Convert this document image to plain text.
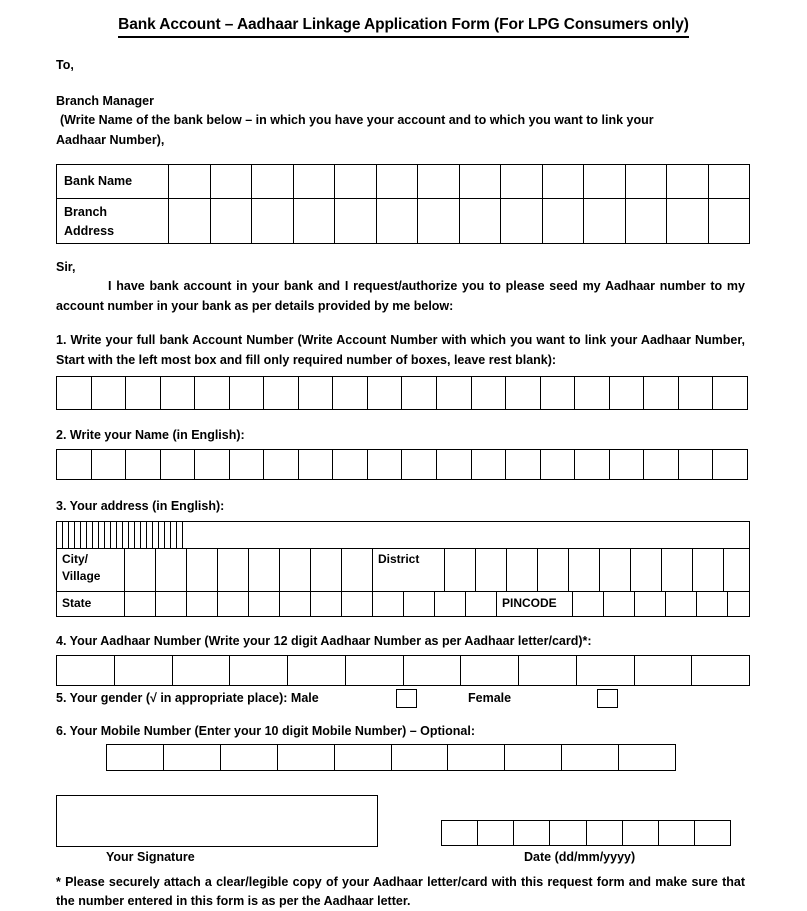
Bank Account – Aadhaar Linkage Application Form (For LPG Consumers only)
To,
Branch Manager
(Write Name of the bank below – in which you have your account and to which you want to link your
Aadhaar Number),
Bank Name
Branch
Address
Sir,
I have bank account in your bank and I request/authorize you to please seed my Aadhaar number to my account number in your bank as per details provided by me below:
1. Write your full bank Account Number (Write Account Number with which you want to link your Aadhaar Number, Start with the left most box and fill only required number of boxes, leave rest blank):
2. Write your Name (in English):
3. Your address (in English):
City/
Village
District
State	PINCODE
4. Your Aadhaar Number (Write your 12 digit Aadhaar Number as per Aadhaar letter/card)*:
5. Your gender (√ in appropriate place): Male	Female
6. Your Mobile Number (Enter your 10 digit Mobile Number) – Optional:
Your Signature	Date (dd/mm/yyyy)
* Please securely attach a clear/legible copy of your Aadhaar letter/card with this request form and make sure that the number entered in this form is as per the Aadhaar letter.
